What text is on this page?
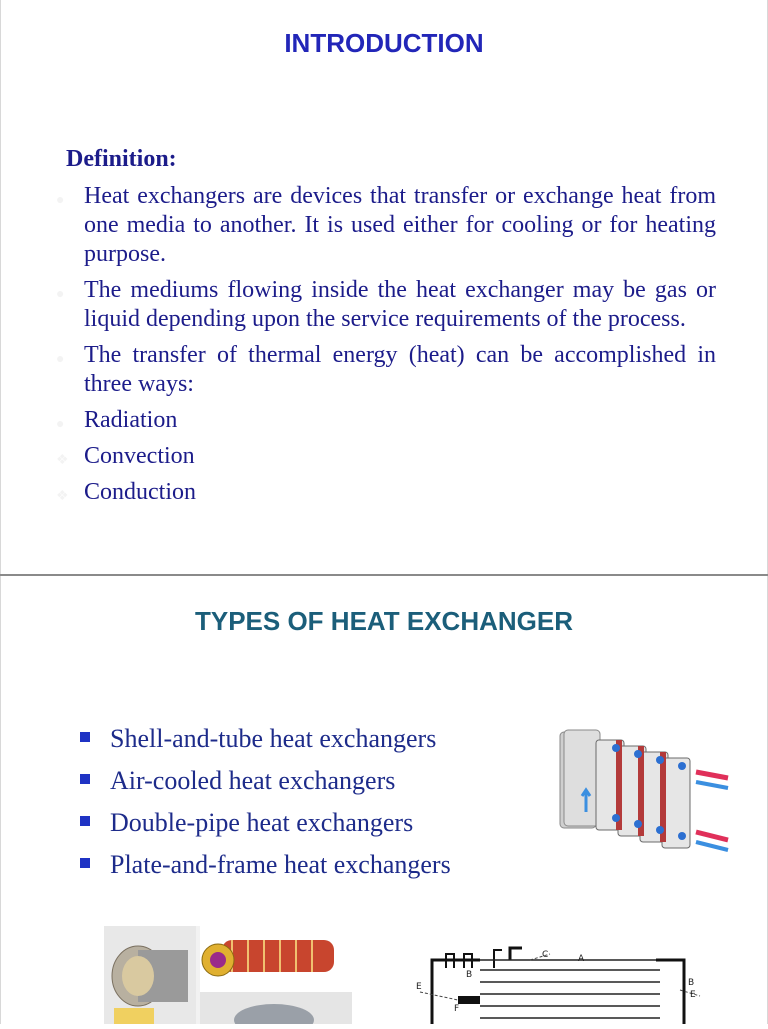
INTRODUCTION
Definition:
● Heat exchangers are devices that transfer or exchange heat from one media to another. It is used either for cooling or for heating purpose.
● The mediums flowing inside the heat exchanger may be gas or liquid depending upon the service requirements of the process.
● The transfer of thermal energy (heat) can be accomplished in three ways:
● Radiation
❖ Convection
❖ Conduction
TYPES OF HEAT EXCHANGER
Shell-and-tube heat exchangers
Air-cooled heat exchangers
Double-pipe heat exchangers
Plate-and-frame heat exchangers
C	A
B
B
E
E
F
